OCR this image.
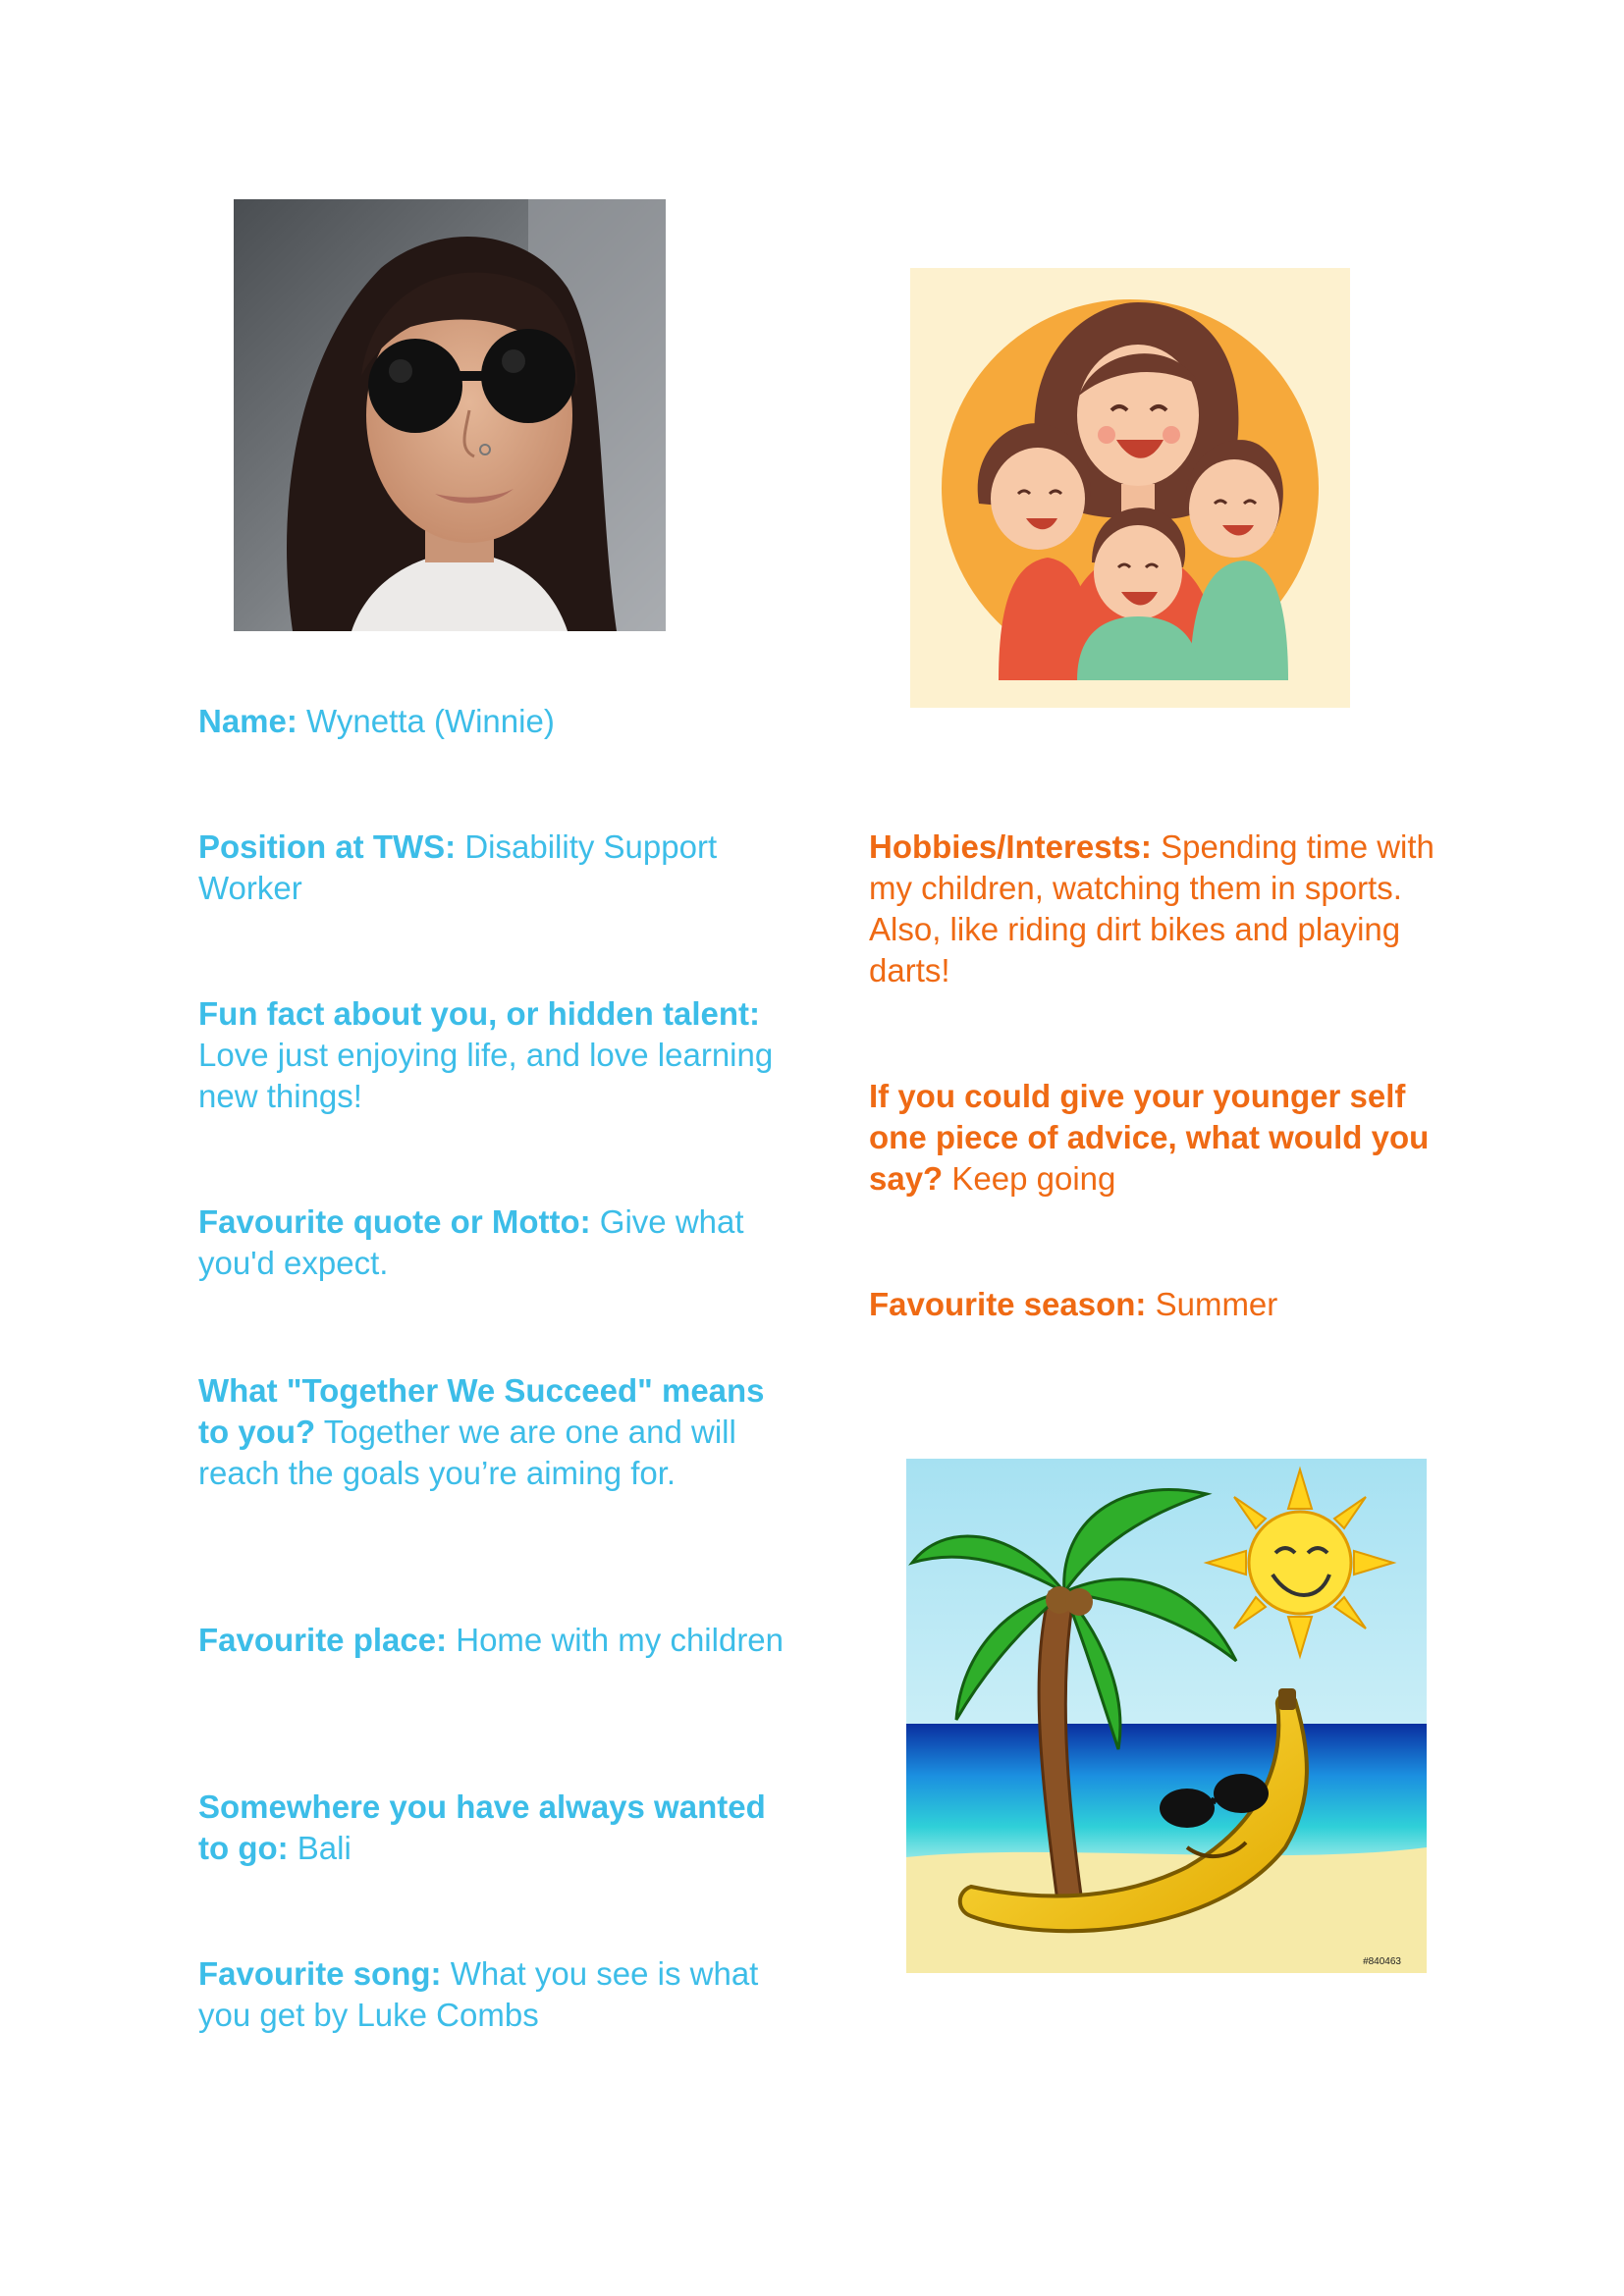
#840463

Name: Wynetta (Winnie)

Position at TWS: Disability Support Worker

Fun fact about you, or hidden talent: Love just enjoying life, and love learning new things!

Favourite quote or Motto: Give what you'd expect.

What "Together We Succeed" means to you? Together we are one and will reach the goals you’re aiming for.

Favourite place: Home with my children

Somewhere you have always wanted to go: Bali

Favourite song: What you see is what you get by Luke Combs

Hobbies/Interests: Spending time with my children, watching them in sports. Also, like riding dirt bikes and playing darts!

If you could give your younger self one piece of advice, what would you say? Keep going

Favourite season: Summer
